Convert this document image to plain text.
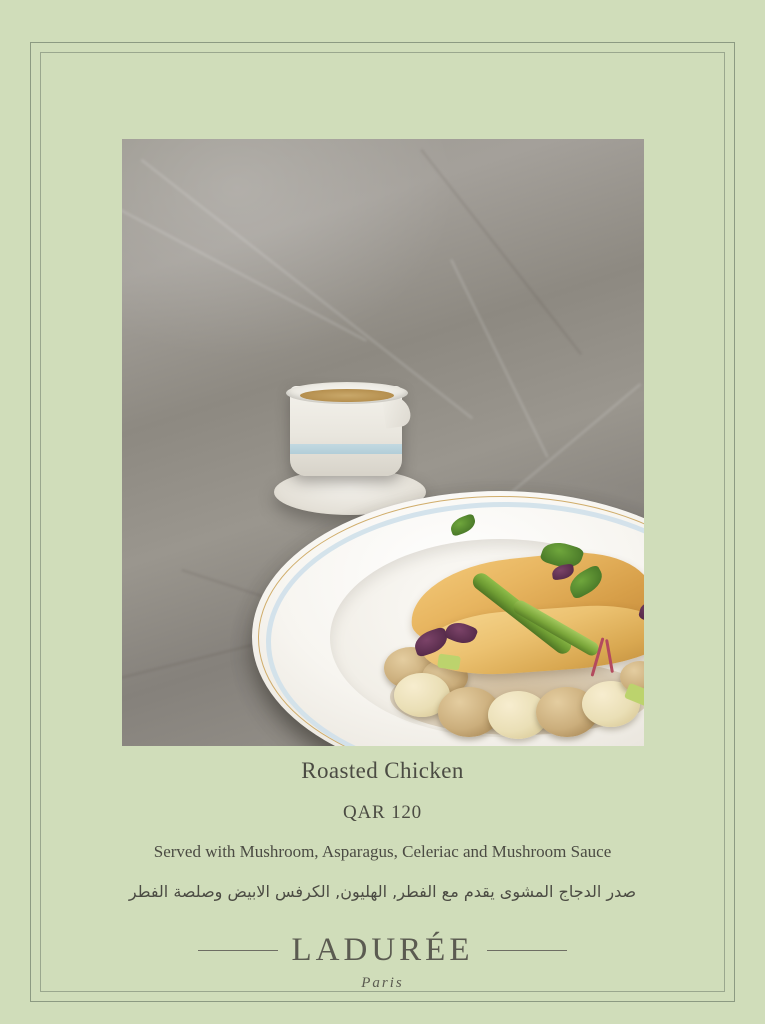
Roasted Chicken

QAR 120

Served with Mushroom, Asparagus, Celeriac and Mushroom Sauce

صدر الدجاج المشوى يقدم مع الفطر, الهليون, الكرفس الابيض وصلصة الفطر

LADURÉE
Paris
